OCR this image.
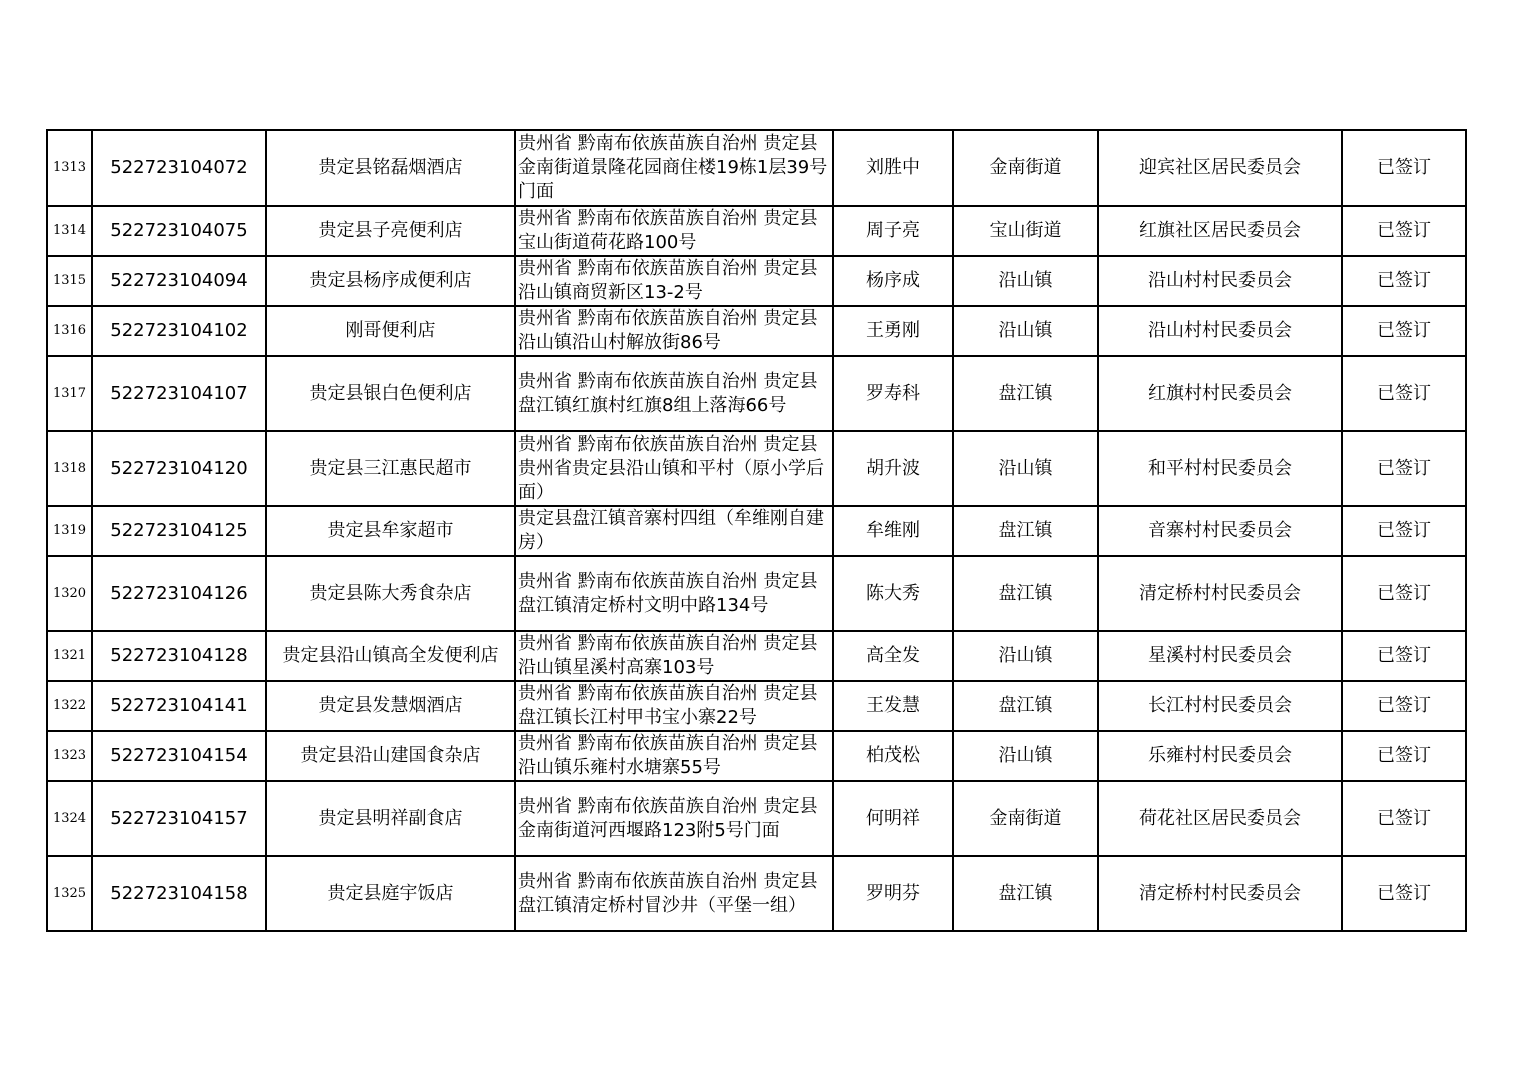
1313	522723104072	贵定县铭磊烟酒店	贵州省 黔南布依族苗族自治州 贵定县金南街道景隆花园商住楼19栋1层39号门面	刘胜中	金南街道	迎宾社区居民委员会	已签订
1314	522723104075	贵定县子亮便利店	贵州省 黔南布依族苗族自治州 贵定县宝山街道荷花路100号	周子亮	宝山街道	红旗社区居民委员会	已签订
1315	522723104094	贵定县杨序成便利店	贵州省 黔南布依族苗族自治州 贵定县沿山镇商贸新区13-2号	杨序成	沿山镇	沿山村村民委员会	已签订
1316	522723104102	刚哥便利店	贵州省 黔南布依族苗族自治州 贵定县沿山镇沿山村解放街86号	王勇刚	沿山镇	沿山村村民委员会	已签订
1317	522723104107	贵定县银白色便利店	贵州省 黔南布依族苗族自治州 贵定县盘江镇红旗村红旗8组上落海66号	罗寿科	盘江镇	红旗村村民委员会	已签订
1318	522723104120	贵定县三江惠民超市	贵州省 黔南布依族苗族自治州 贵定县贵州省贵定县沿山镇和平村（原小学后面）	胡升波	沿山镇	和平村村民委员会	已签订
1319	522723104125	贵定县牟家超市	贵定县盘江镇音寨村四组（牟维刚自建房）	牟维刚	盘江镇	音寨村村民委员会	已签订
1320	522723104126	贵定县陈大秀食杂店	贵州省 黔南布依族苗族自治州 贵定县盘江镇清定桥村文明中路134号	陈大秀	盘江镇	清定桥村村民委员会	已签订
1321	522723104128	贵定县沿山镇高全发便利店	贵州省 黔南布依族苗族自治州 贵定县沿山镇星溪村高寨103号	高全发	沿山镇	星溪村村民委员会	已签订
1322	522723104141	贵定县发慧烟酒店	贵州省 黔南布依族苗族自治州 贵定县盘江镇长江村甲书宝小寨22号	王发慧	盘江镇	长江村村民委员会	已签订
1323	522723104154	贵定县沿山建国食杂店	贵州省 黔南布依族苗族自治州 贵定县沿山镇乐雍村水塘寨55号	柏茂松	沿山镇	乐雍村村民委员会	已签订
1324	522723104157	贵定县明祥副食店	贵州省 黔南布依族苗族自治州 贵定县金南街道河西堰路123附5号门面	何明祥	金南街道	荷花社区居民委员会	已签订
1325	522723104158	贵定县庭宇饭店	贵州省 黔南布依族苗族自治州 贵定县盘江镇清定桥村冒沙井（平堡一组）	罗明芬	盘江镇	清定桥村村民委员会	已签订
